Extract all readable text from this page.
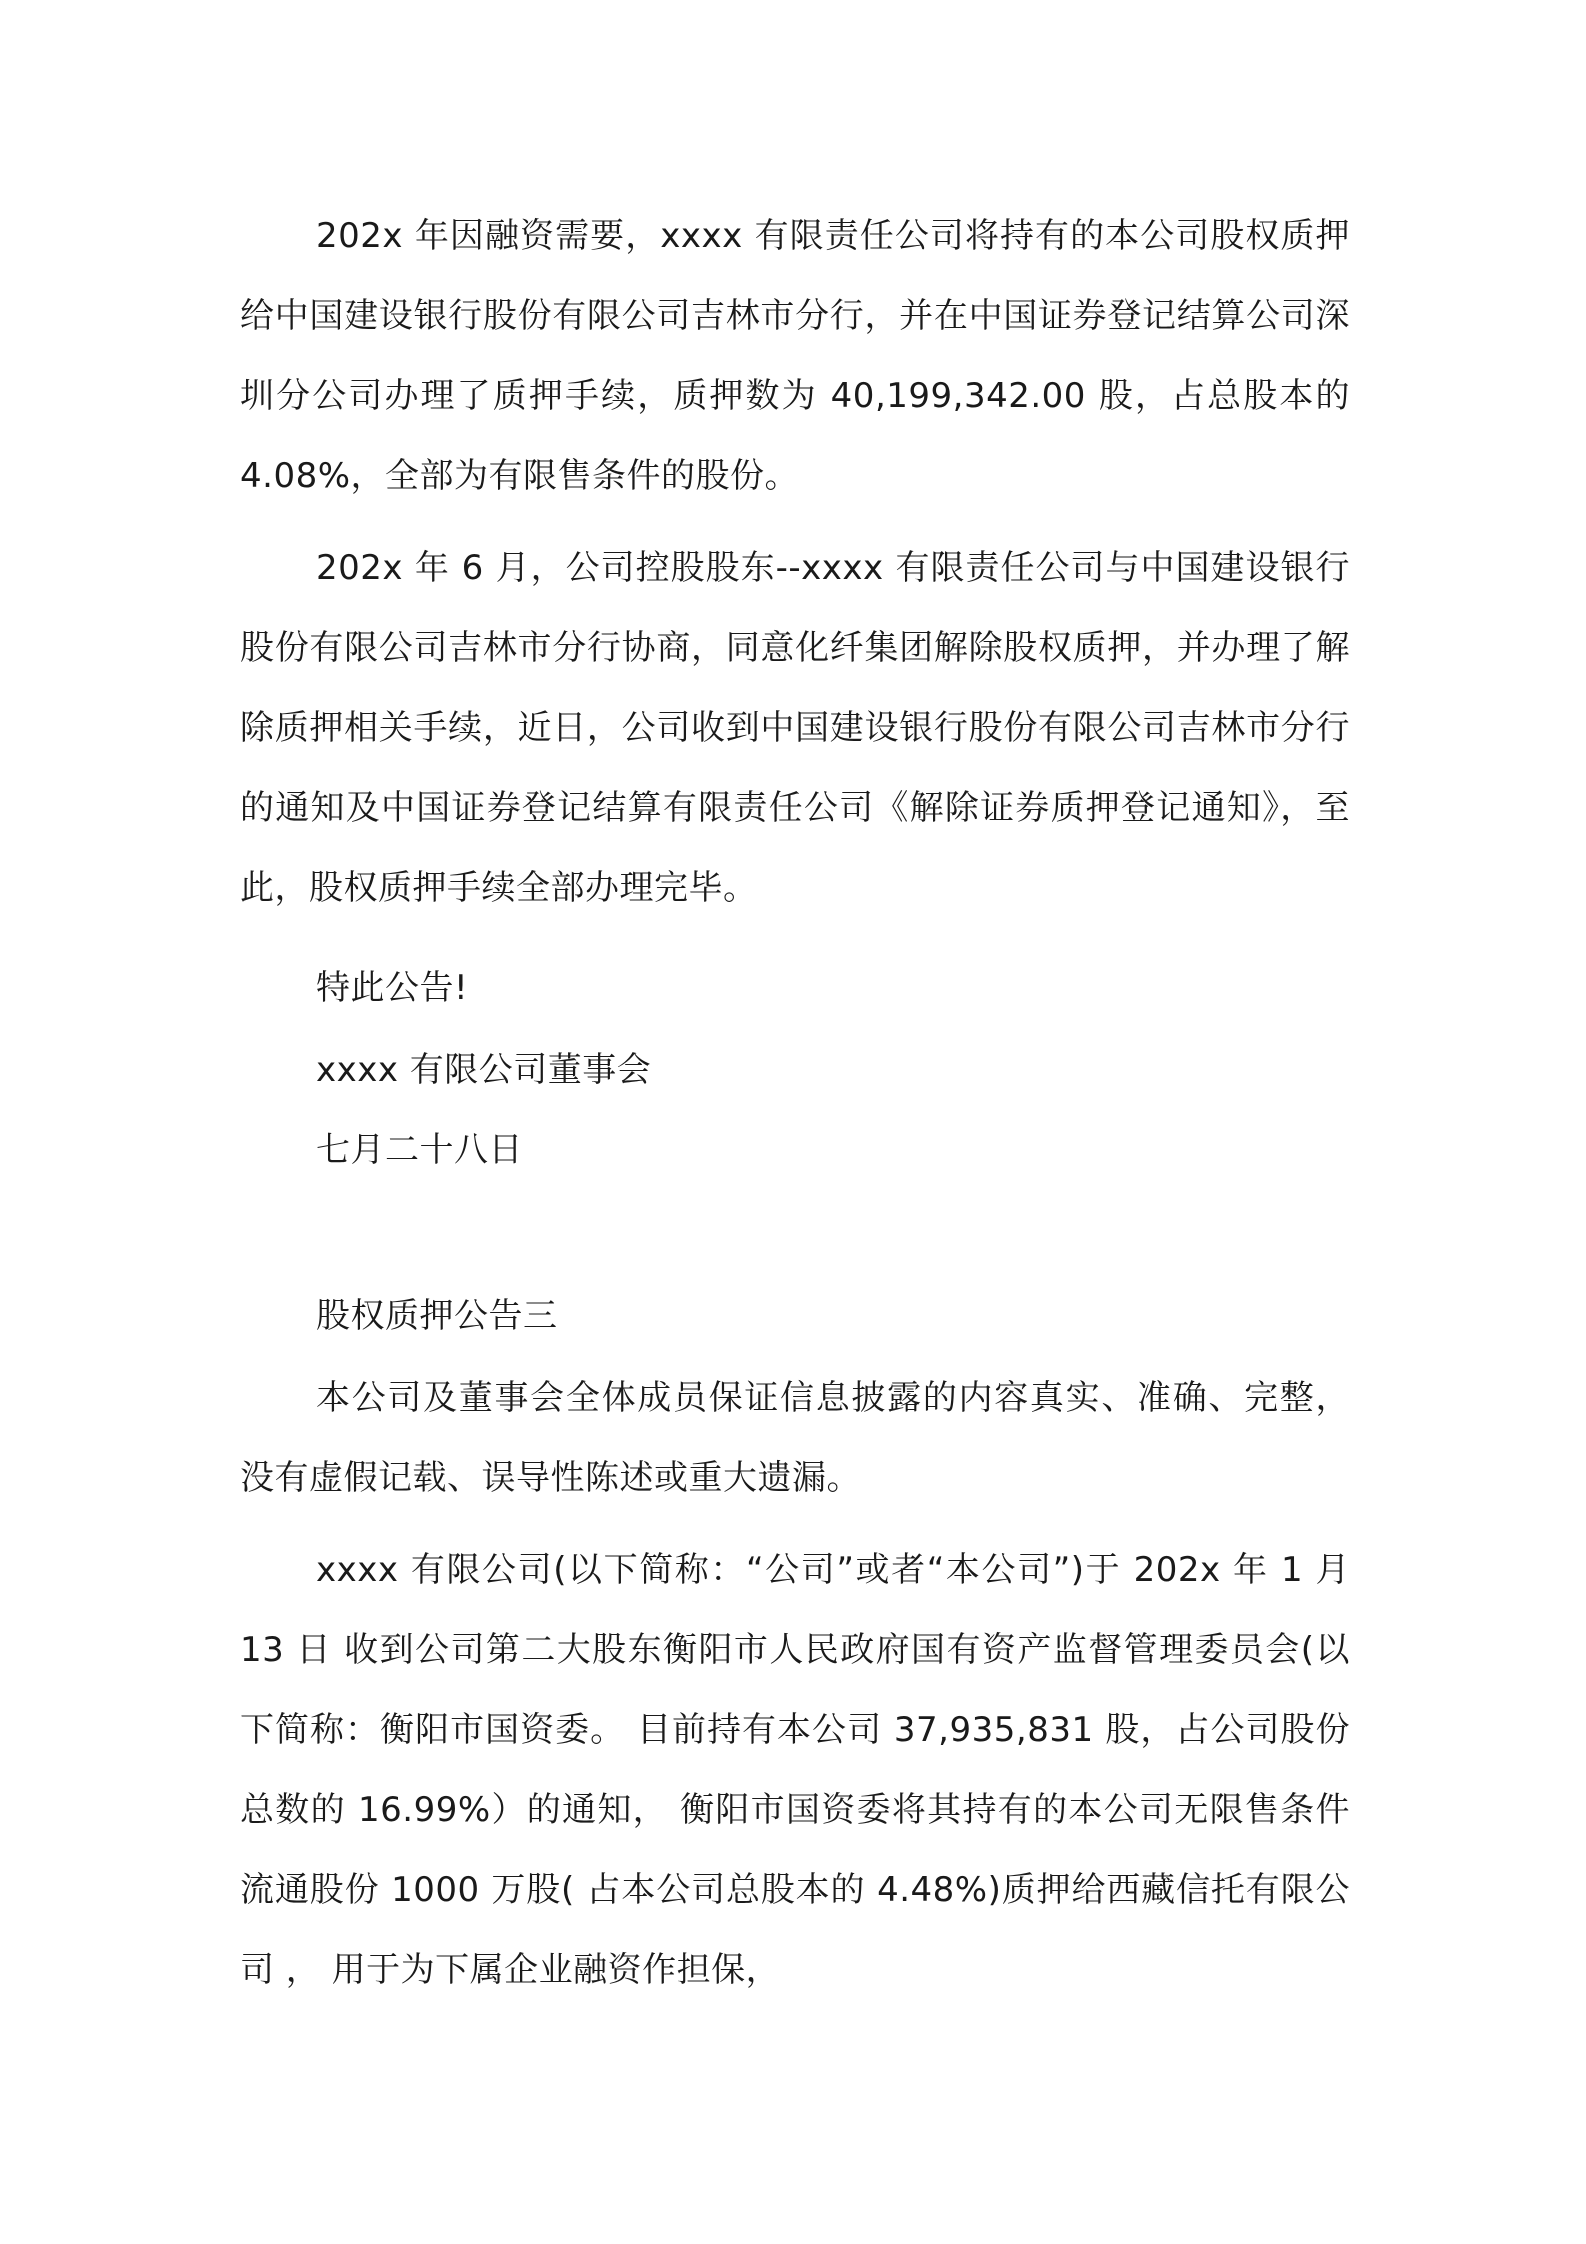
202x 年因融资需要，xxxx 有限责任公司将持有的本公司股权质押给中国建设银行股份有限公司吉林市分行，并在中国证券登记结算公司深圳分公司办理了质押手续，质押数为 40,199,342.00 股，占总股本的 4.08%，全部为有限售条件的股份。

202x 年 6 月，公司控股股东--xxxx 有限责任公司与中国建设银行股份有限公司吉林市分行协商，同意化纤集团解除股权质押，并办理了解除质押相关手续，近日，公司收到中国建设银行股份有限公司吉林市分行的通知及中国证券登记结算有限责任公司《解除证券质押登记通知》，至此，股权质押手续全部办理完毕。

特此公告!

xxxx 有限公司董事会

七月二十八日

股权质押公告三

本公司及董事会全体成员保证信息披露的内容真实、准确、完整，没有虚假记载、误导性陈述或重大遗漏。

xxxx 有限公司(以下简称：“公司”或者“本公司”)于 202x 年 1 月 13 日 收到公司第二大股东衡阳市人民政府国有资产监督管理委员会(以下简称：衡阳市国资委。 目前持有本公司 37,935,831 股，占公司股份总数的 16.99%）的通知， 衡阳市国资委将其持有的本公司无限售条件流通股份 1000 万股( 占本公司总股本的 4.48%)质押给西藏信托有限公司 ， 用于为下属企业融资作担保，
